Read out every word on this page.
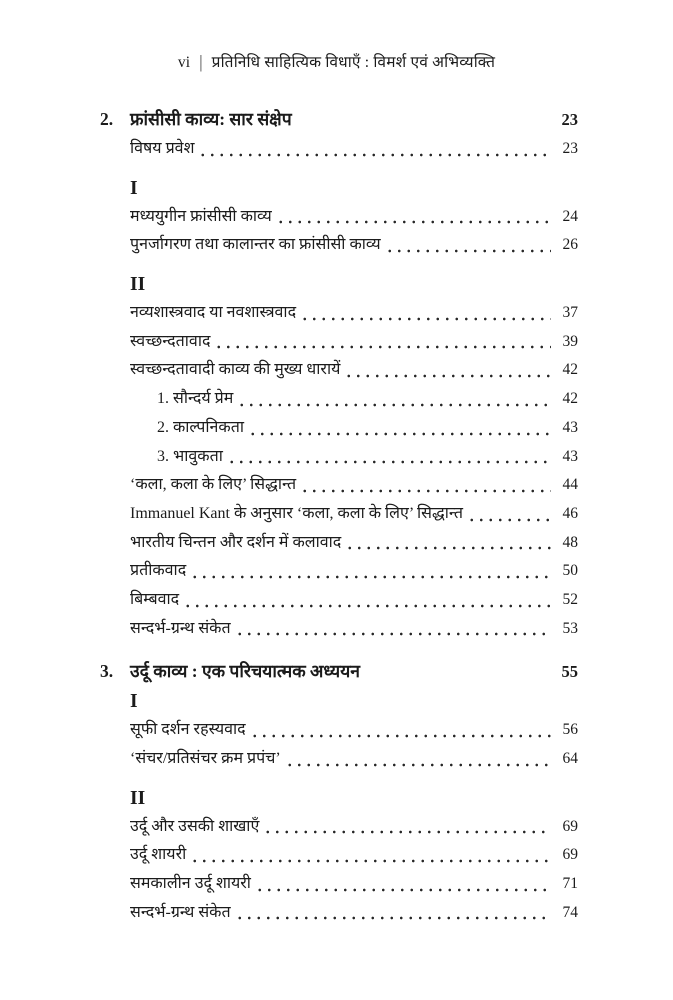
vi | प्रतिनिधि साहित्यिक विधाएँ : विमर्श एवं अभिव्यक्ति
2. फ्रांसीसी काव्य: सार संक्षेप	23
विषय प्रवेश	23
I
मध्ययुगीन फ्रांसीसी काव्य	24
पुनर्जागरण तथा कालान्तर का फ्रांसीसी काव्य	26
II
नव्यशास्त्रवाद या नवशास्त्रवाद	37
स्वच्छन्दतावाद	39
स्वच्छन्दतावादी काव्य की मुख्य धारायें	42
1. सौन्दर्य प्रेम	42
2. काल्पनिकता	43
3. भावुकता	43
‘कला, कला के लिए’ सिद्धान्त	44
Immanuel Kant के अनुसार ‘कला, कला के लिए’ सिद्धान्त	46
भारतीय चिन्तन और दर्शन में कलावाद	48
प्रतीकवाद	50
बिम्बवाद	52
सन्दर्भ-ग्रन्थ संकेत	53
3. उर्दू काव्य : एक परिचयात्मक अध्ययन	55
I
सूफी दर्शन रहस्यवाद	56
‘संचर/प्रतिसंचर क्रम प्रपंच’	64
II
उर्दू और उसकी शाखाएँ	69
उर्दू शायरी	69
समकालीन उर्दू शायरी	71
सन्दर्भ-ग्रन्थ संकेत	74
